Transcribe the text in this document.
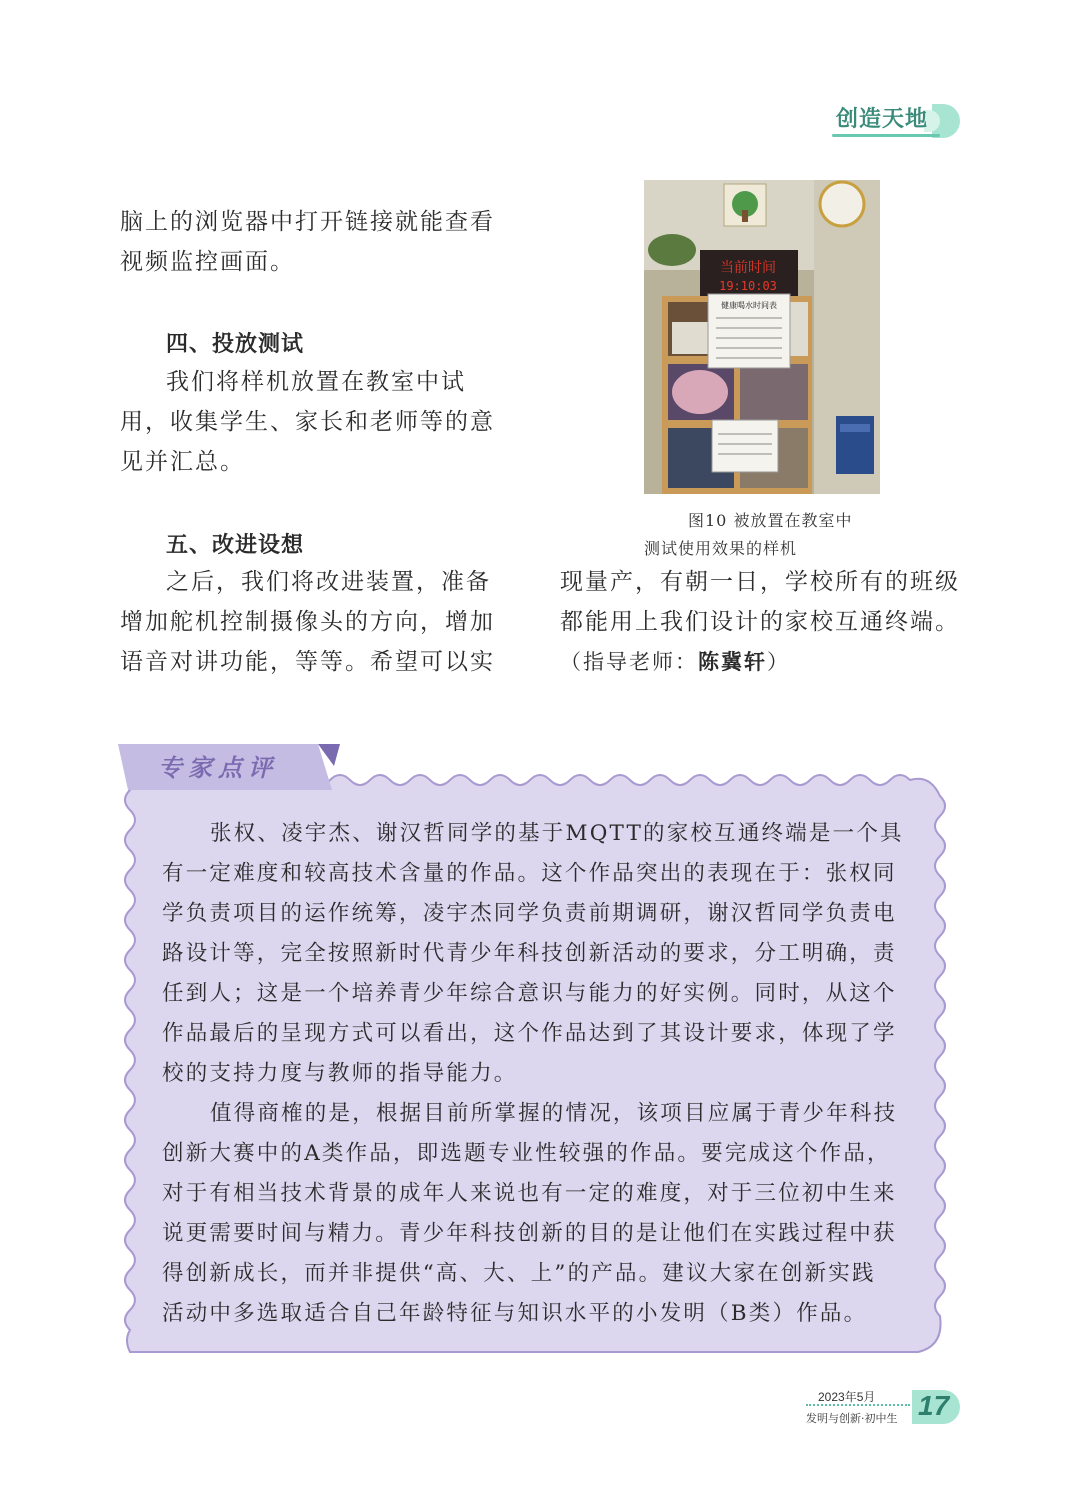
创造天地

脑上的浏览器中打开链接就能查看

视频监控画面。

四、投放测试

我们将样机放置在教室中试

用，收集学生、家长和老师等的意

见并汇总。

五、改进设想

之后，我们将改进装置，准备

增加舵机控制摄像头的方向，增加

语音对讲功能，等等。希望可以实

当前时间
19:10:03
健康喝水时间表
图10 被放置在教室中
测试使用效果的样机

现量产，有朝一日，学校所有的班级

都能用上我们设计的家校互通终端。

（指导老师：陈冀轩）

专家点评

张权、凌宇杰、谢汉哲同学的基于MQTT的家校互通终端是一个具

有一定难度和较高技术含量的作品。这个作品突出的表现在于：张权同

学负责项目的运作统筹，凌宇杰同学负责前期调研，谢汉哲同学负责电

路设计等，完全按照新时代青少年科技创新活动的要求，分工明确，责

任到人；这是一个培养青少年综合意识与能力的好实例。同时，从这个

作品最后的呈现方式可以看出，这个作品达到了其设计要求，体现了学

校的支持力度与教师的指导能力。

值得商榷的是，根据目前所掌握的情况，该项目应属于青少年科技

创新大赛中的A类作品，即选题专业性较强的作品。要完成这个作品，

对于有相当技术背景的成年人来说也有一定的难度，对于三位初中生来

说更需要时间与精力。青少年科技创新的目的是让他们在实践过程中获

得创新成长，而并非提供“高、大、上”的产品。建议大家在创新实践

活动中多选取适合自己年龄特征与知识水平的小发明（B类）作品。

2023年5月
发明与创新·初中生 17
